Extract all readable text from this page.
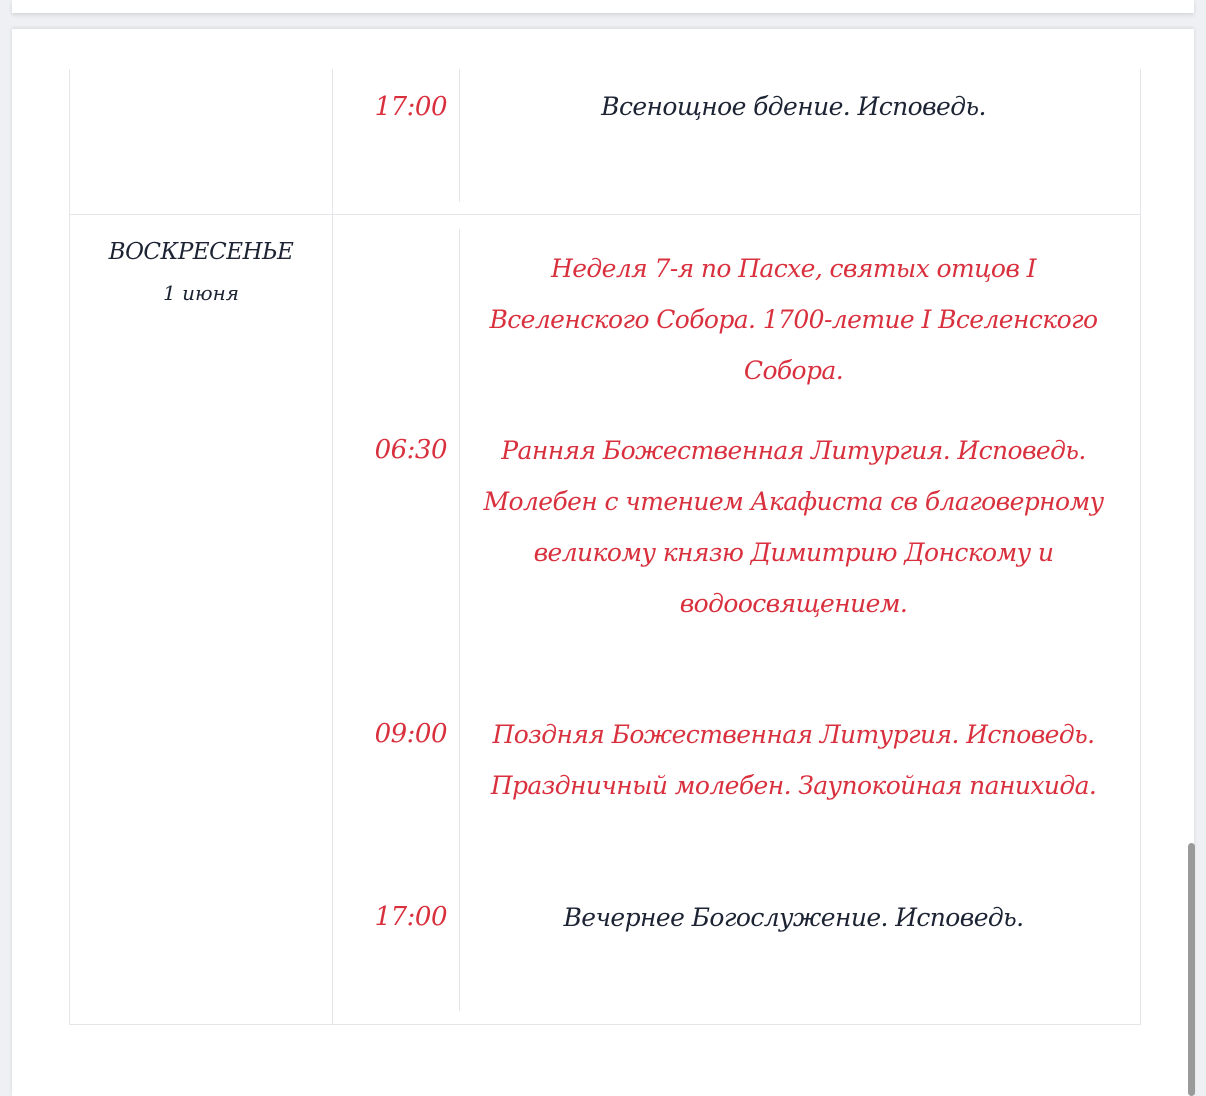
17:00	Всенощное бдение. Исповедь.
ВОСКРЕСЕНЬЕ
1 июня
Неделя 7-я по Пасхе, святых отцов I Вселенского Собора. 1700-летие I Вселенского Собора.
06:30	Ранняя Божественная Литургия. Исповедь. Молебен с чтением Акафиста св благоверному великому князю Димитрию Донскому и водоосвящением.
09:00	Поздняя Божественная Литургия. Исповедь. Праздничный молебен. Заупокойная панихида.
17:00	Вечернее Богослужение. Исповедь.
